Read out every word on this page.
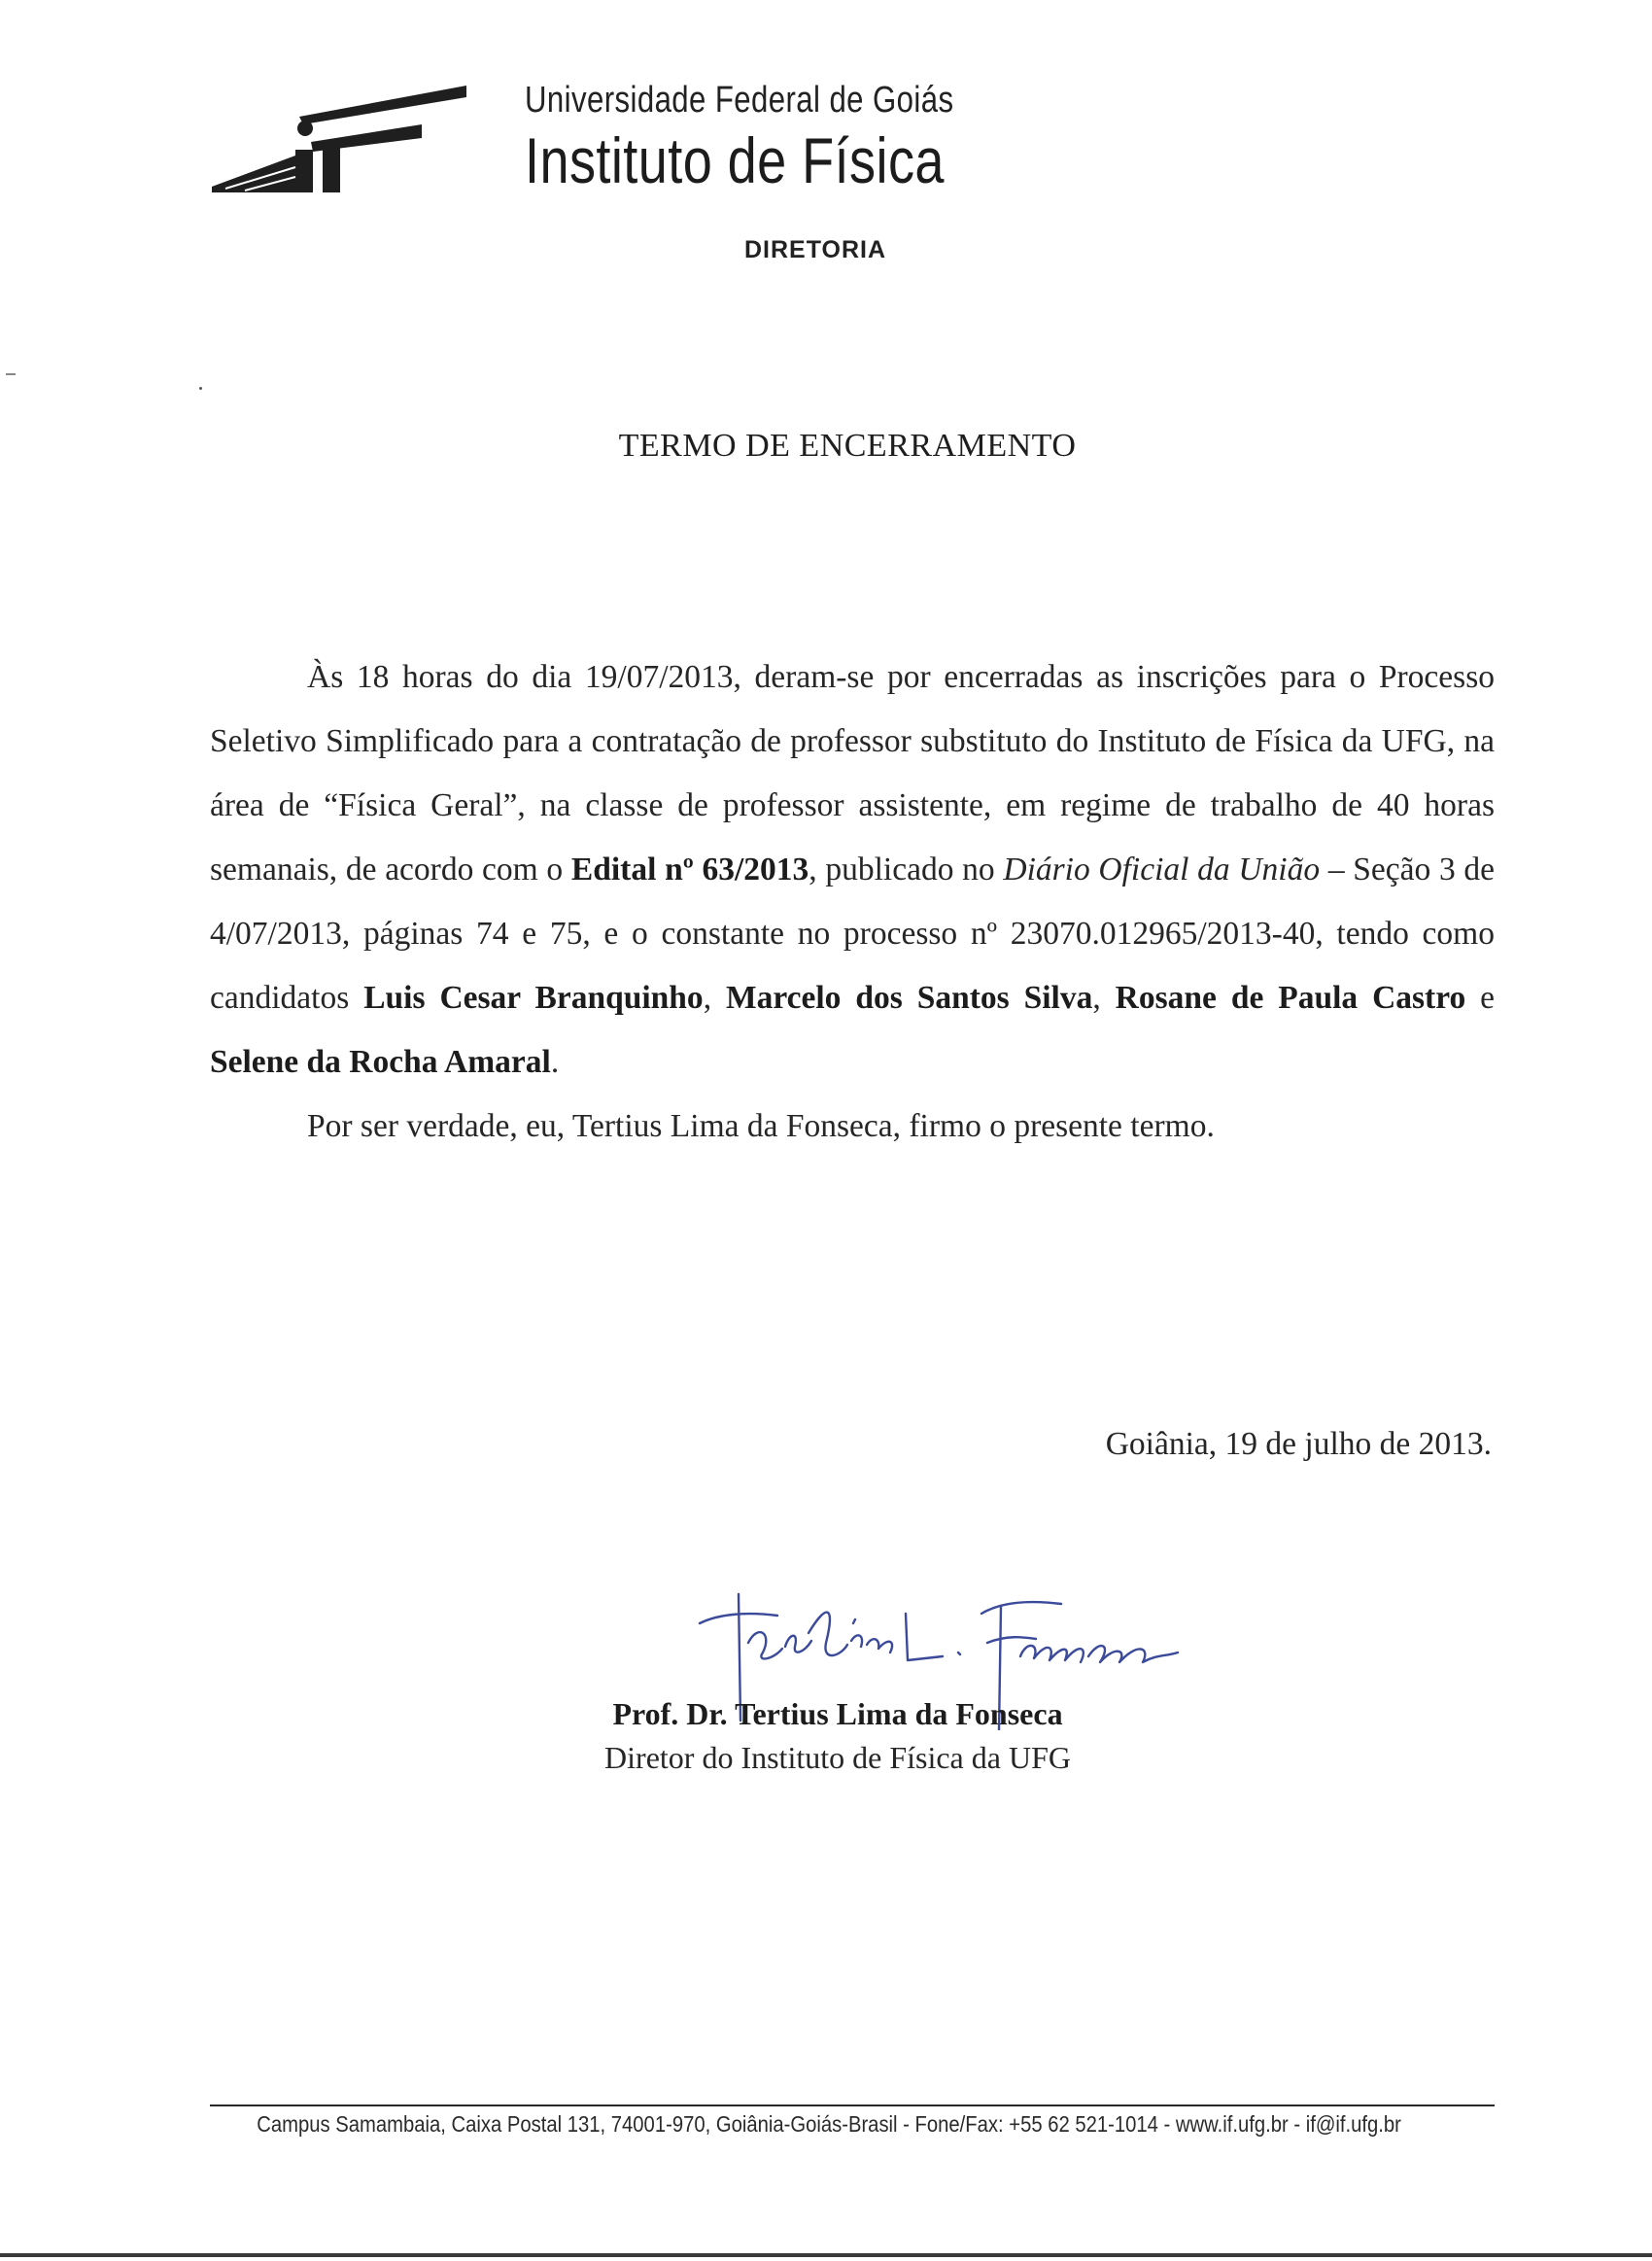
Universidade Federal de Goiás
Instituto de Física
DIRETORIA
TERMO DE ENCERRAMENTO

Às 18 horas do dia 19/07/2013, deram-se por encerradas as inscrições para o Processo Seletivo Simplificado para a contratação de professor substituto do Instituto de Física da UFG, na área de “Física Geral”, na classe de professor assistente, em regime de trabalho de 40 horas semanais, de acordo com o Edital nº 63/2013, publicado no Diário Oficial da União – Seção 3 de 4/07/2013, páginas 74 e 75, e o constante no processo nº 23070.012965/2013-40, tendo como candidatos Luis Cesar Branquinho, Marcelo dos Santos Silva, Rosane de Paula Castro e Selene da Rocha Amaral.

Por ser verdade, eu, Tertius Lima da Fonseca, firmo o presente termo.

Goiânia, 19 de julho de 2013.
Prof. Dr. Tertius Lima da Fonseca
Diretor do Instituto de Física da UFG
Campus Samambaia, Caixa Postal 131, 74001-970, Goiânia-Goiás-Brasil - Fone/Fax: +55 62 521-1014 - www.if.ufg.br - if@if.ufg.br
